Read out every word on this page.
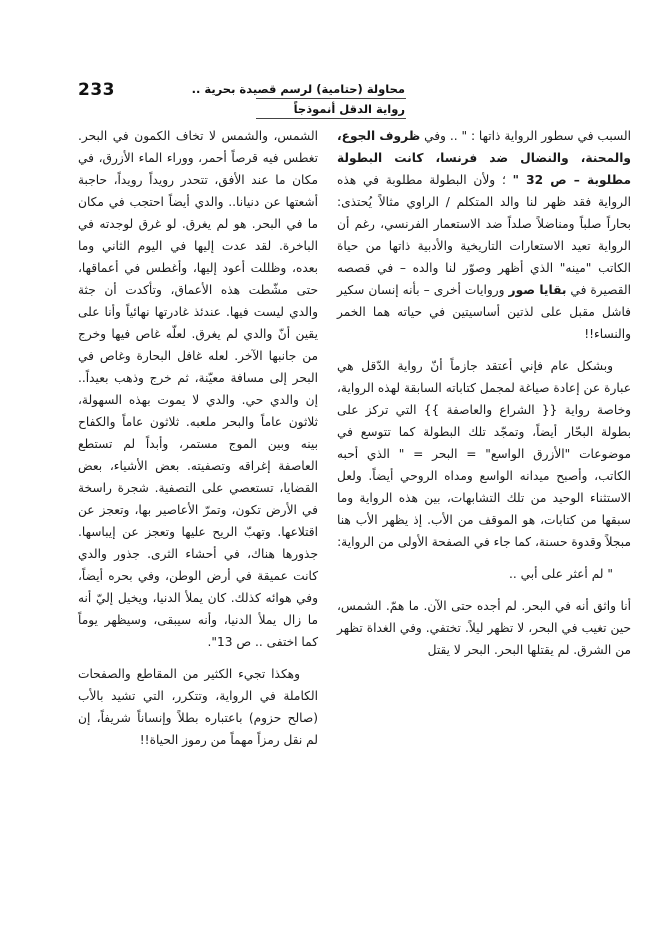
233	محاولة (حتامية) لرسم قصيدة بحرية ..
رواية الدقل أنموذجاً

السبب في سطور الرواية ذاتها : " .. وفي ظروف الجوع، والمحنة، والنضال ضد فرنسا، كانت البطولة مطلوبة – ص 32 " ؛ ولأن البطولة مطلوبة في هذه الرواية فقد ظهر لنا والد المتكلم / الراوي مثالاً يُحتذى: بحاراً صلباً ومناضلاً صلداً ضد الاستعمار الفرنسي، رغم أن الرواية تعيد الاستعارات التاريخية والأدبية ذاتها من حياة الكاتب "مينه" الذي أظهر وصوّر لنا والده – في قصصه القصيرة في بقايا صور وروايات أخرى – بأنه إنسان سكير فاشل مقبل على لذتين أساسيتين في حياته هما الخمر والنساء!!

وبشكل عام فإني أعتقد جازماً أنّ رواية الدّقل هي عبارة عن إعادة صياغة لمجمل كتاباته السابقة لهذه الرواية، وخاصة رواية {{ الشراع والعاصفة }} التي تركز على بطولة البحّار أيضاً، وتمجّد تلك البطولة كما تتوسع في موضوعات "الأزرق الواسع" = البحر = " الذي أحبه الكاتب، وأصبح ميدانه الواسع ومداه الروحي أيضاً. ولعل الاستثناء الوحيد من تلك التشابهات، بين هذه الرواية وما سبقها من كتابات، هو الموقف من الأب. إذ يظهر الأب هنا مبجلاً وقدوة حسنة، كما جاء في الصفحة الأولى من الرواية:

" لم أعثر على أبي ..

أنا واثق أنه في البحر. لم أجده حتى الآن. ما همّ. الشمس، حين تغيب في البحر، لا تظهر ليلاً. تختفي. وفي الغداة تظهر من الشرق. لم يقتلها البحر. البحر لا يقتل

الشمس، والشمس لا تخاف الكمون في البحر. تغطس فيه قرصاً أحمر، ووراء الماء الأزرق، في مكان ما عند الأفق، تتحدر رويداً رويداً، حاجبة أشعتها عن دنيانا.. والدي أيضاً احتجب في مكان ما في البحر. هو لم يغرق. لو غرق لوجدته في الباخرة. لقد عدت إليها في اليوم الثاني وما بعده، وظللت أعود إليها، وأغطس في أعماقها، حتى مشّطت هذه الأعماق، وتأكدت أن جثة والدي ليست فيها. عندئذ غادرتها نهائياً وأنا على يقين أنّ والدي لم يغرق. لعلّه غاص فيها وخرج من جانبها الآخر. لعله غافل البحارة وغاص في البحر إلى مسافة معيّنة، ثم خرج وذهب بعيداً.. إن والدي حي. والدي لا يموت بهذه السهولة، ثلاثون عاماً والبحر ملعبه. ثلاثون عاماً والكفاح بينه وبين الموج مستمر، وأبداً لم تستطع العاصفة إغراقه وتصفيته. بعض الأشياء، بعض القضايا، تستعصي على التصفية. شجرة راسخة في الأرض تكون، وتمرّ الأعاصير بها، وتعجز عن اقتلاعها. وتهبّ الريح عليها وتعجز عن إيباسها. جذورها هناك، في أحشاء الثرى. جذور والدي كانت عميقة في أرض الوطن، وفي بحره أيضاً، وفي هوائه كذلك. كان يملأ الدنيا، ويخيل إليّ أنه ما زال يملأ الدنيا، وأنه سيبقى، وسيظهر يوماً كما اختفى .. ص 13".

وهكذا تجيء الكثير من المقاطع والصفحات الكاملة في الرواية، وتتكرر، التي تشيد بالأب (صالح حزوم) باعتباره بطلاً وإنساناً شريفاً، إن لم نقل رمزاً مهماً من رموز الحياة!!
